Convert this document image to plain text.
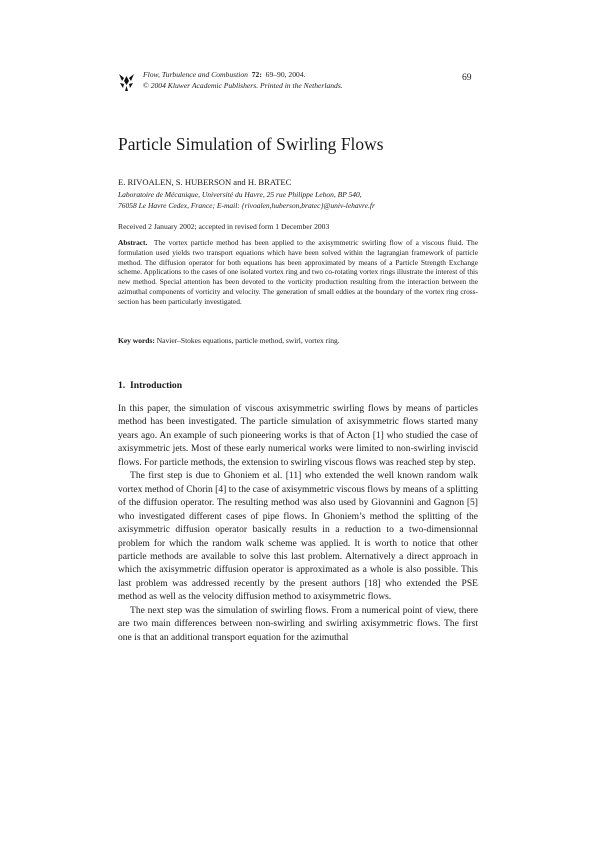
Flow, Turbulence and Combustion 72: 69–90, 2004.
© 2004 Kluwer Academic Publishers. Printed in the Netherlands.
69
Particle Simulation of Swirling Flows
E. RIVOALEN, S. HUBERSON and H. BRATEC
Laboratoire de Mécanique, Université du Havre, 25 rue Philippe Lebon, BP 540,
76058 Le Havre Cedex, France; E-mail: {rivoalen,huberson,bratec}@univ-lehavre.fr
Received 2 January 2002; accepted in revised form 1 December 2003
Abstract. The vortex particle method has been applied to the axisymmetric swirling flow of a viscous fluid. The formulation used yields two transport equations which have been solved within the lagrangian framework of particle method. The diffusion operator for both equations has been approximated by means of a Particle Strength Exchange scheme. Applications to the cases of one isolated vortex ring and two co-rotating vortex rings illustrate the interest of this new method. Special attention has been devoted to the vorticity production resulting from the interaction between the azimuthal components of vorticity and velocity. The generation of small eddies at the boundary of the vortex ring cross-section has been particularly investigated.
Key words: Navier–Stokes equations, particle method, swirl, vortex ring.
1. Introduction

In this paper, the simulation of viscous axisymmetric swirling flows by means of particles method has been investigated. The particle simulation of axisymmetric flows started many years ago. An example of such pioneering works is that of Acton [1] who studied the case of axisymmetric jets. Most of these early numerical works were limited to non-swirling inviscid flows. For particle methods, the extension to swirling viscous flows was reached step by step.

The first step is due to Ghoniem et al. [11] who extended the well known random walk vortex method of Chorin [4] to the case of axisymmetric viscous flows by means of a splitting of the diffusion operator. The resulting method was also used by Giovannini and Gagnon [5] who investigated different cases of pipe flows. In Ghoniem’s method the splitting of the axisymmetric diffusion operator basically results in a reduction to a two-dimensionnal problem for which the random walk scheme was applied. It is worth to notice that other particle methods are available to solve this last problem. Alternatively a direct approach in which the axisymmetric diffusion operator is approximated as a whole is also possible. This last problem was addressed recently by the present authors [18] who extended the PSE method as well as the velocity diffusion method to axisymmetric flows.

The next step was the simulation of swirling flows. From a numerical point of view, there are two main differences between non-swirling and swirling axisymmetric flows. The first one is that an additional transport equation for the azimuthal
